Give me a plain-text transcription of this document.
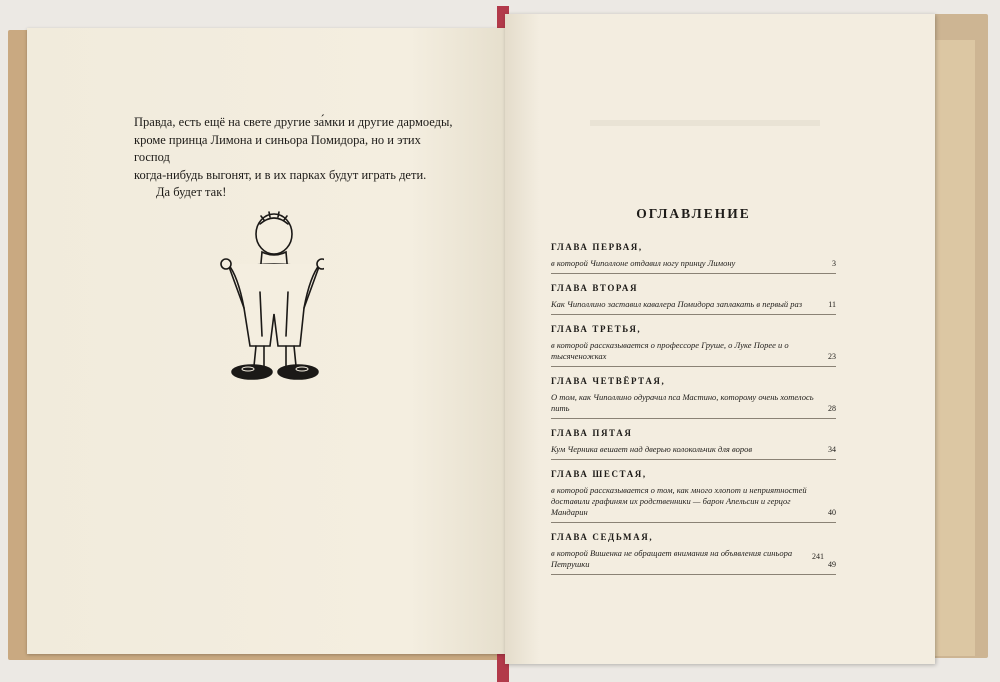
Правда, есть ещё на свете другие за́мки и другие дармоеды,

кроме принца Лимона и синьора Помидора, но и этих господ

когда-нибудь выгонят, и в их парках будут играть дети.

Да будет так!

ОГЛАВЛЕНИЕ
ГЛАВА ПЕРВАЯ,
в которой Чиполлоне отдавил ногу принцу Лимону	3
ГЛАВА ВТОРАЯ
Как Чиполлино заставил кавалера Помидора заплакать в первый раз	11
ГЛАВА ТРЕТЬЯ,
в которой рассказывается о профессоре Груше, о Луке Порее и о тысяченожках	23
ГЛАВА ЧЕТВЁРТАЯ,
О том, как Чиполлино одурачил пса Мастино, которому очень хотелось пить	28
ГЛАВА ПЯТАЯ
Кум Черника вешает над дверью колокольчик для воров	34
ГЛАВА ШЕСТАЯ,
в которой рассказывается о том, как много хлопот и неприятностей доставили графиням их родственники — барон Апельсин и герцог Мандарин	40
ГЛАВА СЕДЬМАЯ,
в которой Вишенка не обращает внимания на объявления синьора Петрушки	49
241
